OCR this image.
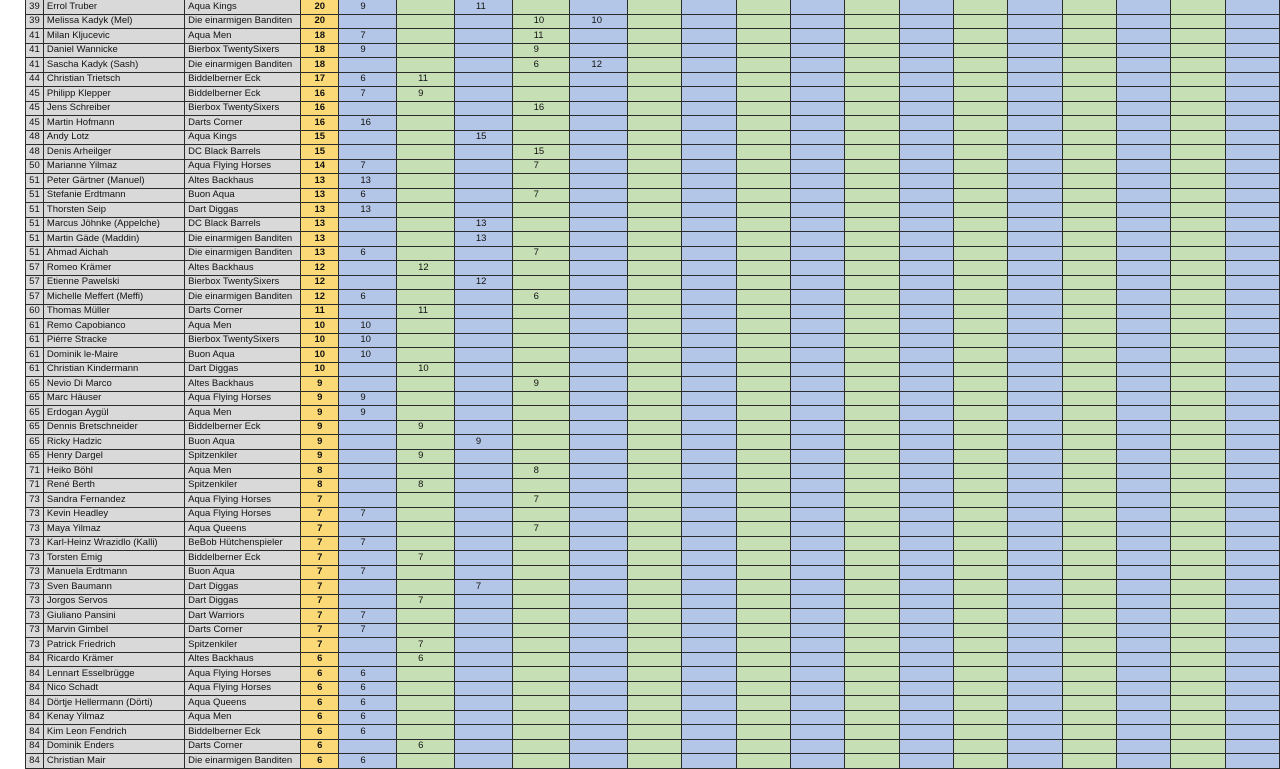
39	Errol Truber	Aqua Kings	20	9		11														
39	Melissa Kadyk (Mel)	Die einarmigen Banditen	20				10	10												
41	Milan Kljucevic	Aqua Men	18	7			11													
41	Daniel Wannicke	Bierbox TwentySixers	18	9			9													
41	Sascha Kadyk (Sash)	Die einarmigen Banditen	18				6	12												
44	Christian Trietsch	Biddelberner Eck	17	6	11															
45	Philipp Klepper	Biddelberner Eck	16	7	9															
45	Jens Schreiber	Bierbox TwentySixers	16				16													
45	Martin Hofmann	Darts Corner	16	16																
48	Andy Lotz	Aqua Kings	15			15														
48	Denis Arheilger	DC Black Barrels	15				15													
50	Marianne Yilmaz	Aqua Flying Horses	14	7			7													
51	Peter Gärtner (Manuel)	Altes Backhaus	13	13																
51	Stefanie Erdtmann	Buon Aqua	13	6			7													
51	Thorsten Seip	Dart Diggas	13	13																
51	Marcus Jöhnke (Appelche)	DC Black Barrels	13			13														
51	Martin Gäde (Maddin)	Die einarmigen Banditen	13			13														
51	Ahmad Aichah	Die einarmigen Banditen	13	6			7													
57	Romeo Krämer	Altes Backhaus	12		12															
57	Etienne Pawelski	Bierbox TwentySixers	12			12														
57	Michelle Meffert (Meffi)	Die einarmigen Banditen	12	6			6													
60	Thomas Müller	Darts Corner	11		11															
61	Remo Capobianco	Aqua Men	10	10																
61	Piérre Stracke	Bierbox TwentySixers	10	10																
61	Dominik le-Maire	Buon Aqua	10	10																
61	Christian Kindermann	Dart Diggas	10		10															
65	Nevio Di Marco	Altes Backhaus	9				9													
65	Marc Häuser	Aqua Flying Horses	9	9																
65	Erdogan Aygül	Aqua Men	9	9																
65	Dennis Bretschneider	Biddelberner Eck	9		9															
65	Ricky Hadzic	Buon Aqua	9			9														
65	Henry Dargel	Spitzenkiler	9		9															
71	Heiko Böhl	Aqua Men	8				8													
71	René Berth	Spitzenkiler	8		8															
73	Sandra Fernandez	Aqua Flying Horses	7				7													
73	Kevin Headley	Aqua Flying Horses	7	7																
73	Maya Yilmaz	Aqua Queens	7				7													
73	Karl-Heinz Wrazidlo (Kalli)	BeBob Hütchenspieler	7	7																
73	Torsten Emig	Biddelberner Eck	7		7															
73	Manuela Erdtmann	Buon Aqua	7	7																
73	Sven Baumann	Dart Diggas	7			7														
73	Jorgos Servos	Dart Diggas	7		7															
73	Giuliano Pansini	Dart Warriors	7	7																
73	Marvin Gimbel	Darts Corner	7	7																
73	Patrick Friedrich	Spitzenkiler	7		7															
84	Ricardo Krämer	Altes Backhaus	6		6															
84	Lennart Esselbrügge	Aqua Flying Horses	6	6																
84	Nico Schadt	Aqua Flying Horses	6	6																
84	Dörtje Hellermann (Dörti)	Aqua Queens	6	6																
84	Kenay Yilmaz	Aqua Men	6	6																
84	Kim Leon Fendrich	Biddelberner Eck	6	6																
84	Dominik Enders	Darts Corner	6		6															
84	Christian Mair	Die einarmigen Banditen	6	6																
